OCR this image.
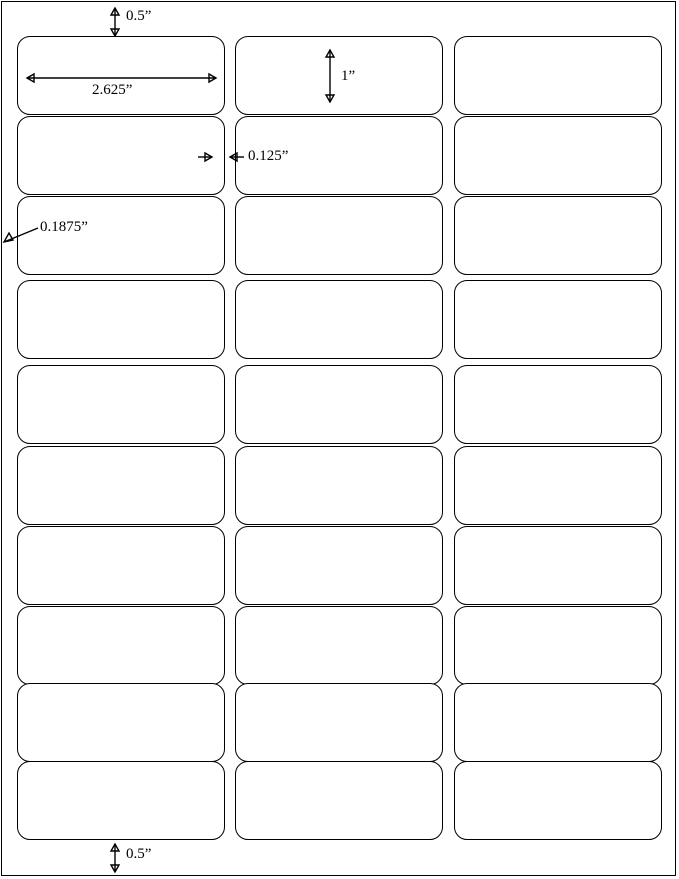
0.5”
2.625”
1”
0.125”
0.1875”
0.5”
